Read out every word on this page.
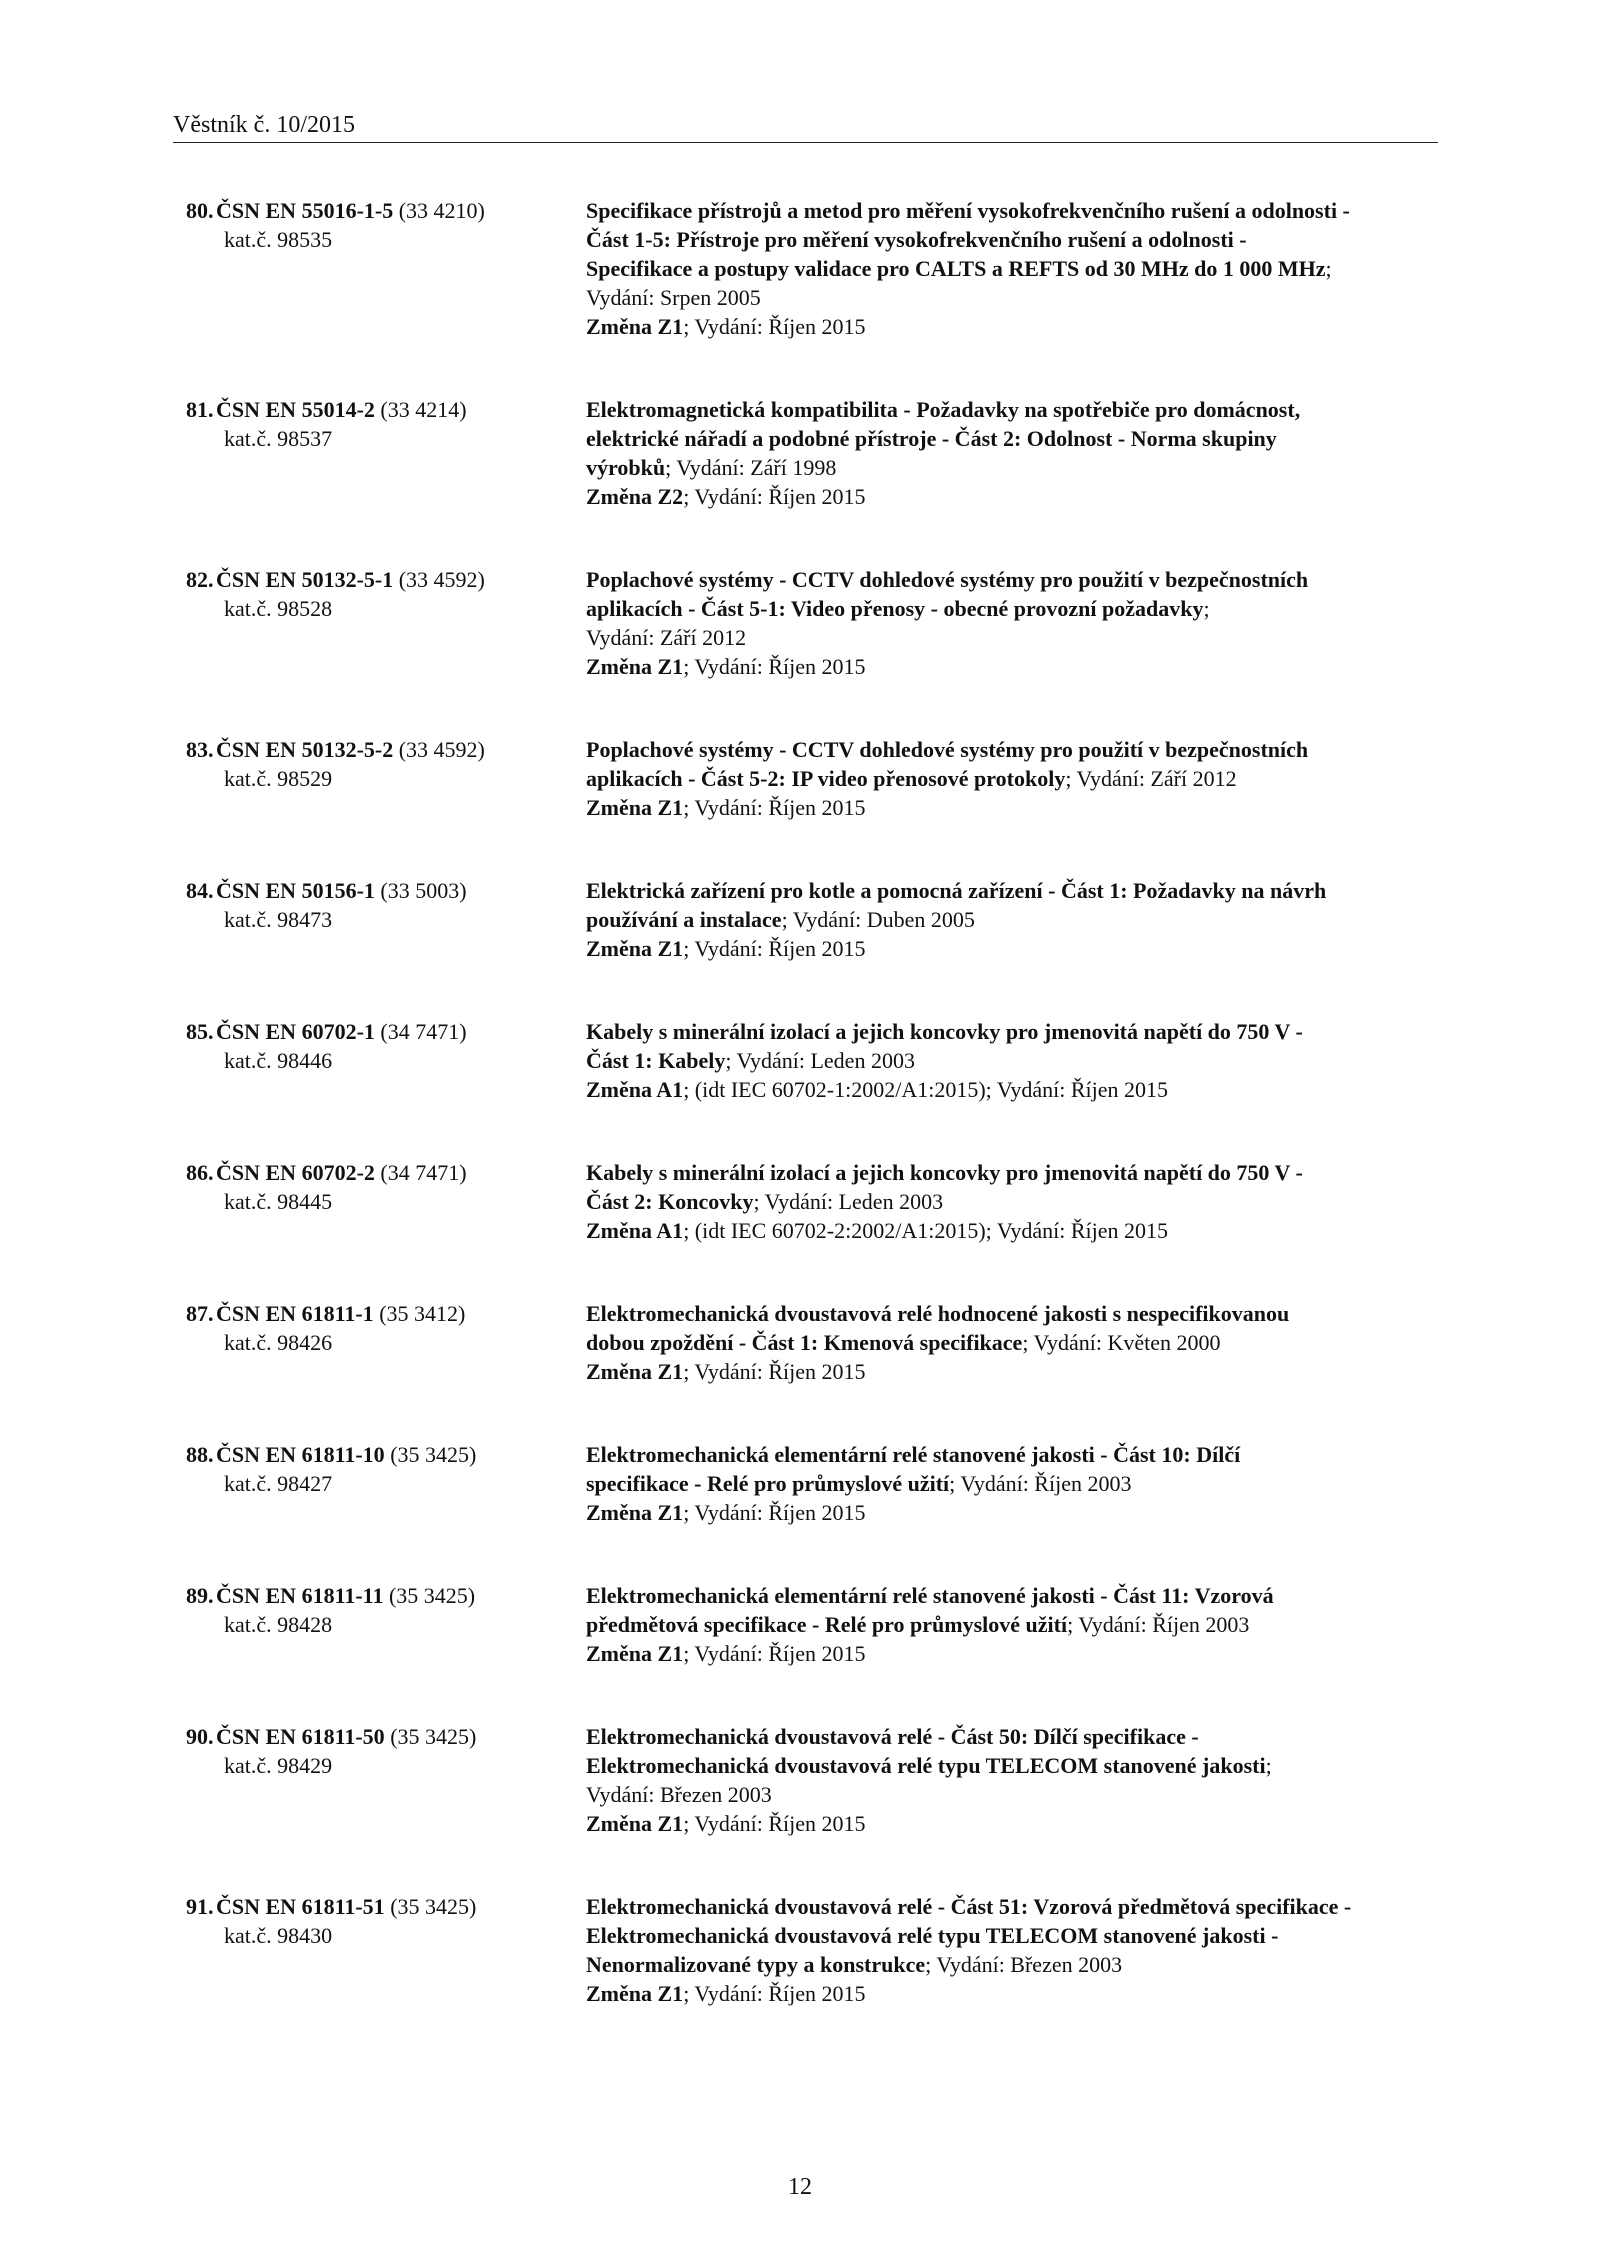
Věstník č. 10/2015
80. ČSN EN 55016-1-5 (33 4210)
kat.č. 98535
Specifikace přístrojů a metod pro měření vysokofrekvenčního rušení a odolnosti -
Část 1-5: Přístroje pro měření vysokofrekvenčního rušení a odolnosti -
Specifikace a postupy validace pro CALTS a REFTS od 30 MHz do 1 000 MHz;
Vydání: Srpen 2005
Změna Z1; Vydání: Říjen 2015
81. ČSN EN 55014-2 (33 4214)
kat.č. 98537
Elektromagnetická kompatibilita - Požadavky na spotřebiče pro domácnost,
elektrické nářadí a podobné přístroje - Část 2: Odolnost - Norma skupiny
výrobků; Vydání: Září 1998
Změna Z2; Vydání: Říjen 2015
82. ČSN EN 50132-5-1 (33 4592)
kat.č. 98528
Poplachové systémy - CCTV dohledové systémy pro použití v bezpečnostních
aplikacích - Část 5-1: Video přenosy - obecné provozní požadavky;
Vydání: Září 2012
Změna Z1; Vydání: Říjen 2015
83. ČSN EN 50132-5-2 (33 4592)
kat.č. 98529
Poplachové systémy - CCTV dohledové systémy pro použití v bezpečnostních
aplikacích - Část 5-2: IP video přenosové protokoly; Vydání: Září 2012
Změna Z1; Vydání: Říjen 2015
84. ČSN EN 50156-1 (33 5003)
kat.č. 98473
Elektrická zařízení pro kotle a pomocná zařízení - Část 1: Požadavky na návrh
používání a instalace; Vydání: Duben 2005
Změna Z1; Vydání: Říjen 2015
85. ČSN EN 60702-1 (34 7471)
kat.č. 98446
Kabely s minerální izolací a jejich koncovky pro jmenovitá napětí do 750 V -
Část 1: Kabely; Vydání: Leden 2003
Změna A1; (idt IEC 60702-1:2002/A1:2015); Vydání: Říjen 2015
86. ČSN EN 60702-2 (34 7471)
kat.č. 98445
Kabely s minerální izolací a jejich koncovky pro jmenovitá napětí do 750 V -
Část 2: Koncovky; Vydání: Leden 2003
Změna A1; (idt IEC 60702-2:2002/A1:2015); Vydání: Říjen 2015
87. ČSN EN 61811-1 (35 3412)
kat.č. 98426
Elektromechanická dvoustavová relé hodnocené jakosti s nespecifikovanou
dobou zpoždění - Část 1: Kmenová specifikace; Vydání: Květen 2000
Změna Z1; Vydání: Říjen 2015
88. ČSN EN 61811-10 (35 3425)
kat.č. 98427
Elektromechanická elementární relé stanovené jakosti - Část 10: Dílčí
specifikace - Relé pro průmyslové užití; Vydání: Říjen 2003
Změna Z1; Vydání: Říjen 2015
89. ČSN EN 61811-11 (35 3425)
kat.č. 98428
Elektromechanická elementární relé stanovené jakosti - Část 11: Vzorová
předmětová specifikace - Relé pro průmyslové užití; Vydání: Říjen 2003
Změna Z1; Vydání: Říjen 2015
90. ČSN EN 61811-50 (35 3425)
kat.č. 98429
Elektromechanická dvoustavová relé - Část 50: Dílčí specifikace -
Elektromechanická dvoustavová relé typu TELECOM stanovené jakosti;
Vydání: Březen 2003
Změna Z1; Vydání: Říjen 2015
91. ČSN EN 61811-51 (35 3425)
kat.č. 98430
Elektromechanická dvoustavová relé - Část 51: Vzorová předmětová specifikace -
Elektromechanická dvoustavová relé typu TELECOM stanovené jakosti -
Nenormalizované typy a konstrukce; Vydání: Březen 2003
Změna Z1; Vydání: Říjen 2015
12
